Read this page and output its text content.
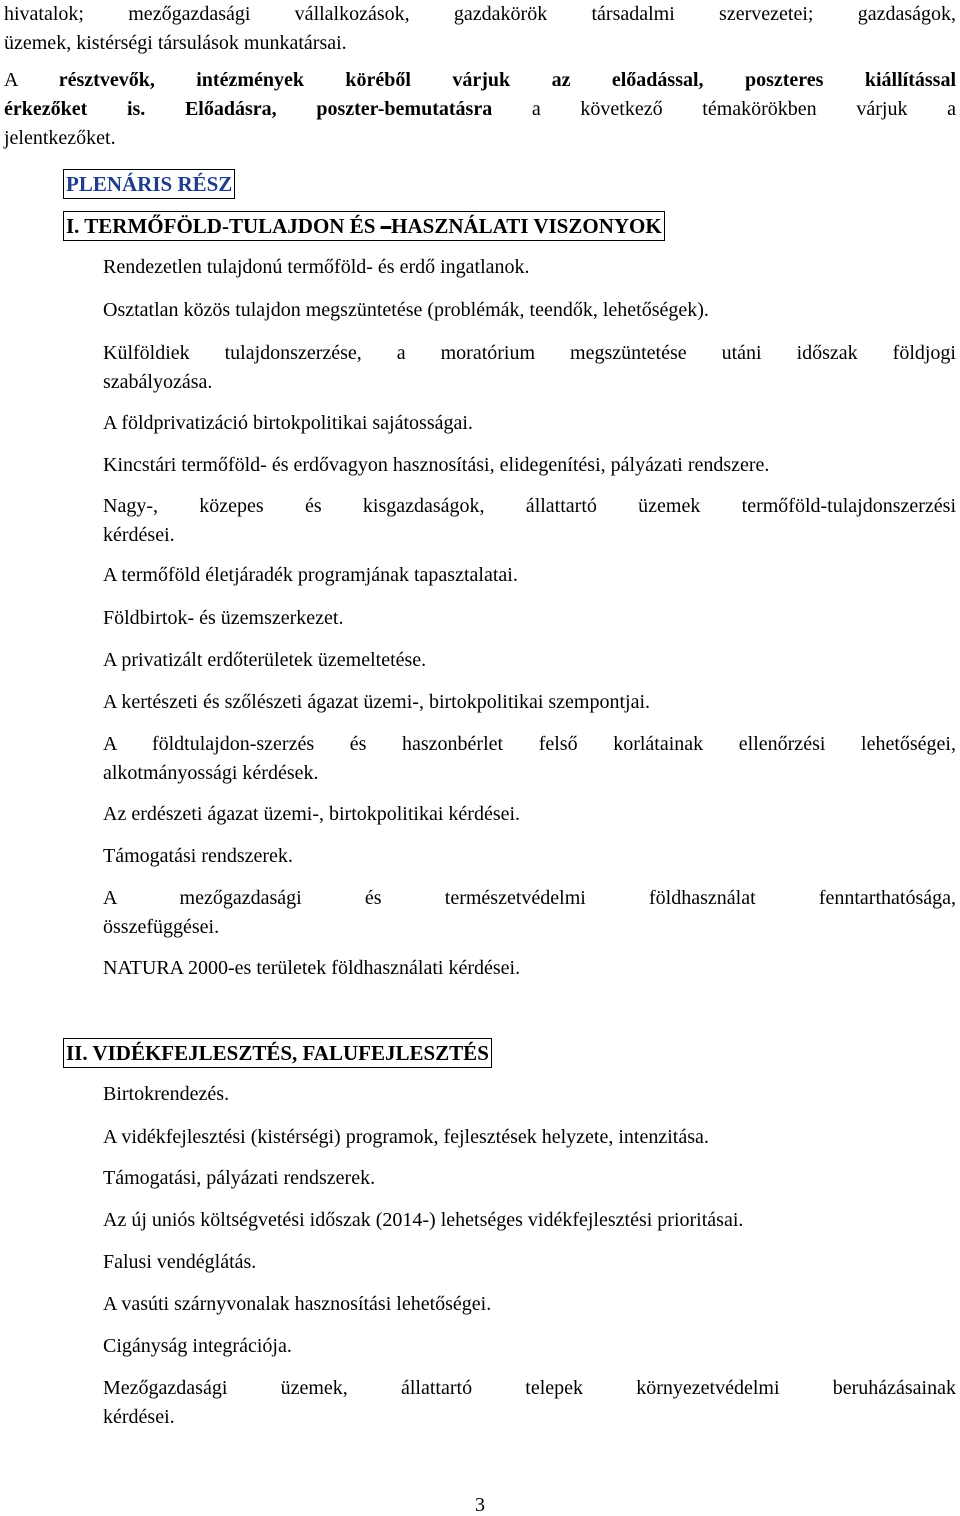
hivatalok; mezőgazdasági vállalkozások, gazdakörök társadalmi szervezetei; gazdaságok,
üzemek, kistérségi társulások munkatársai.

A résztvevők, intézmények köréből várjuk az előadással, poszteres kiállítással
érkezőket is. Előadásra, poszter-bemutatásra a következő témakörökben várjuk a
jelentkezőket.

PLENÁRIS RÉSZ
I. TERMŐFÖLD-TULAJDON ÉS –HASZNÁLATI VISZONYOK

Rendezetlen tulajdonú termőföld- és erdő ingatlanok.

Osztatlan közös tulajdon megszüntetése (problémák, teendők, lehetőségek).

Külföldiek tulajdonszerzése, a moratórium megszüntetése utáni időszak földjogi
szabályozása.

A földprivatizáció birtokpolitikai sajátosságai.

Kincstári termőföld- és erdővagyon hasznosítási, elidegenítési, pályázati rendszere.

Nagy-, közepes és kisgazdaságok, állattartó üzemek termőföld-tulajdonszerzési
kérdései.

A termőföld életjáradék programjának tapasztalatai.

Földbirtok- és üzemszerkezet.

A privatizált erdőterületek üzemeltetése.

A kertészeti és szőlészeti ágazat üzemi-, birtokpolitikai szempontjai.

A földtulajdon-szerzés és haszonbérlet felső korlátainak ellenőrzési lehetőségei,
alkotmányossági kérdések.

Az erdészeti ágazat üzemi-, birtokpolitikai kérdései.

Támogatási rendszerek.

A mezőgazdasági és természetvédelmi földhasználat fenntarthatósága,
összefüggései.

NATURA 2000-es területek földhasználati kérdései.

II. VIDÉKFEJLESZTÉS, FALUFEJLESZTÉS

Birtokrendezés.

A vidékfejlesztési (kistérségi) programok, fejlesztések helyzete, intenzitása.

Támogatási, pályázati rendszerek.

Az új uniós költségvetési időszak (2014-) lehetséges vidékfejlesztési prioritásai.

Falusi vendéglátás.

A vasúti szárnyvonalak hasznosítási lehetőségei.

Cigányság integrációja.

Mezőgazdasági üzemek, állattartó telepek környezetvédelmi beruházásainak
kérdései.

3
